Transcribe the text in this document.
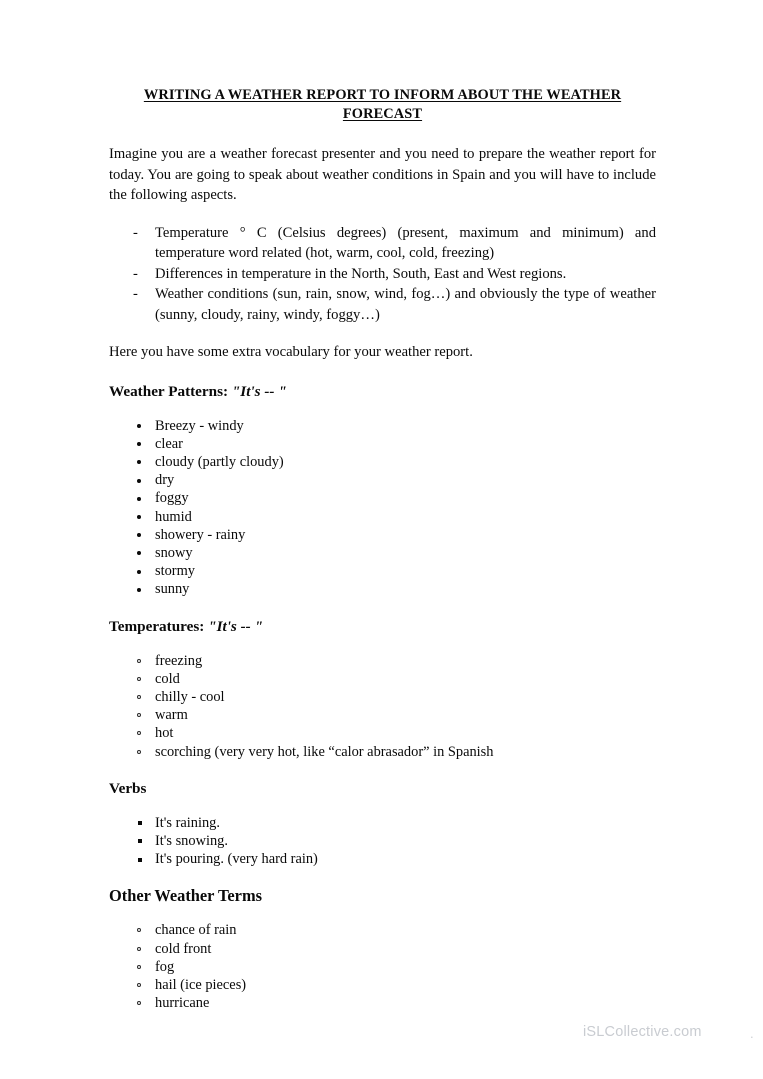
WRITING A WEATHER REPORT TO INFORM ABOUT THE WEATHER
FORECAST

Imagine you are a weather forecast presenter and you need to prepare the weather report for today. You are going to speak about weather conditions in Spain and you will have to include the following aspects.

- Temperature ° C (Celsius degrees) (present, maximum and minimum) and temperature word related (hot, warm, cool, cold, freezing)
- Differences in temperature in the North, South, East and West regions.
- Weather conditions (sun, rain, snow, wind, fog…) and obviously the type of weather (sunny, cloudy, rainy, windy, foggy…)

Here you have some extra vocabulary for your weather report.

Weather Patterns: "It's -- "
Breezy - windy
clear
cloudy (partly cloudy)
dry
foggy
humid
showery - rainy
snowy
stormy
sunny
Temperatures: "It's -- "
freezing
cold
chilly - cool
warm
hot
scorching (very very hot, like “calor abrasador” in Spanish
Verbs
It's raining.
It's snowing.
It's pouring. (very hard rain)
Other Weather Terms
chance of rain
cold front
fog
hail (ice pieces)
hurricane
iSLCollective.com	.
